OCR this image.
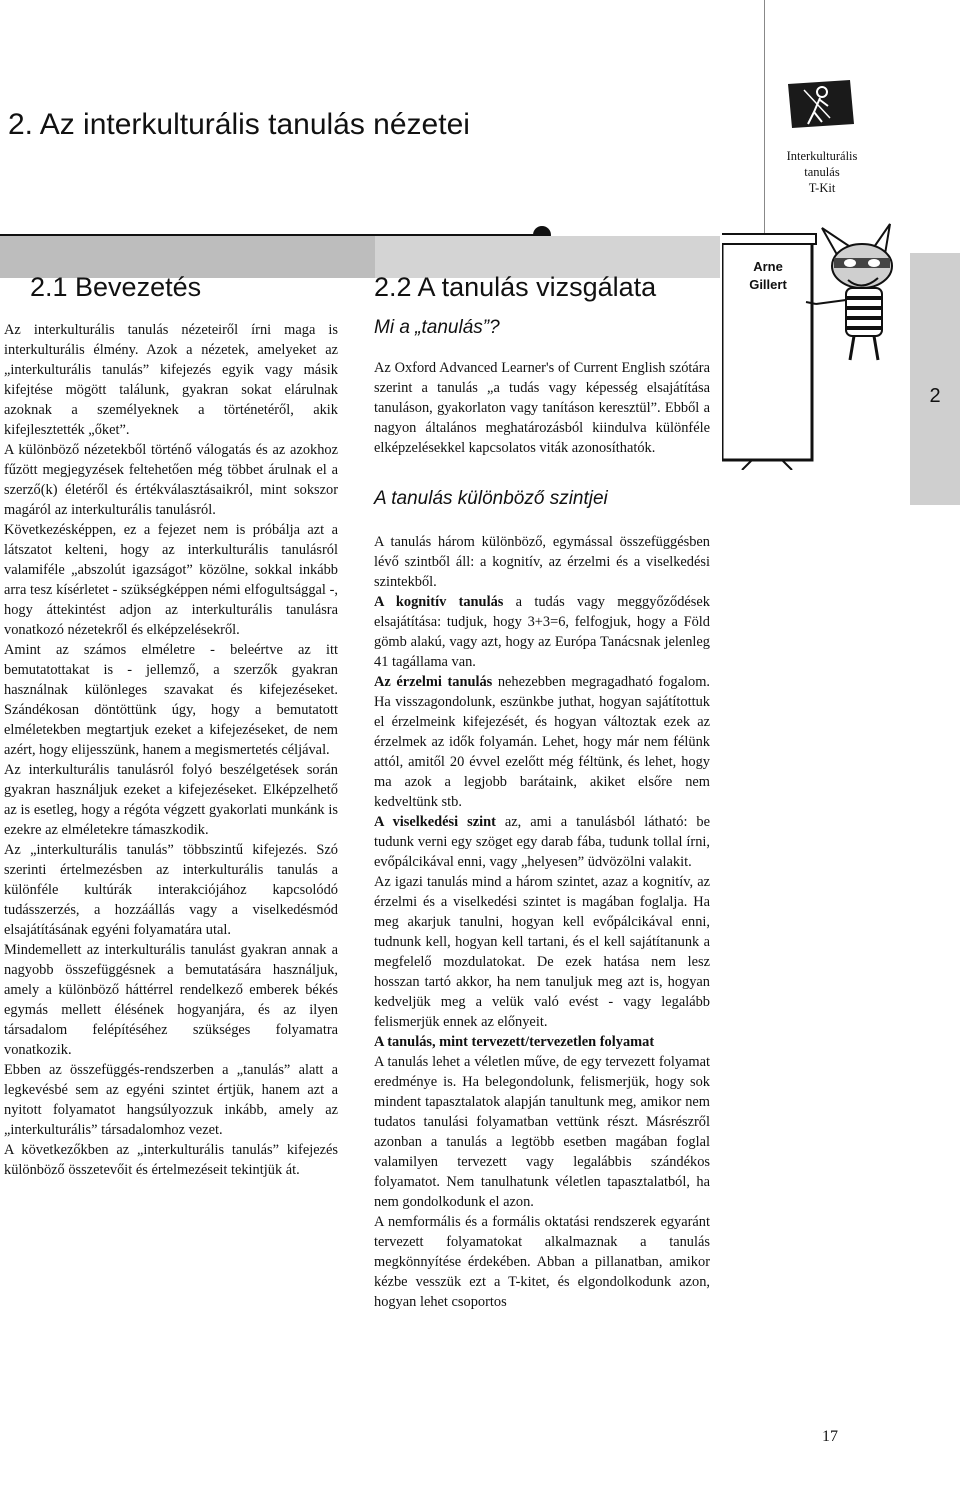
2. Az interkulturális tanulás nézetei
Interkulturális
tanulás
T-Kit
2
2.1 Bevezetés	2.2 A tanulás vizsgálata
Arne
Gillert

Az interkulturális tanulás nézeteiről írni maga is interkulturális élmény. Azok a nézetek, amelyeket az „interkulturális tanulás” kifejezés egyik vagy másik kifejtése mögött találunk, gyakran sokat elárulnak azoknak a személyeknek a történetéről, akik kifejlesztették „őket”.

A különböző nézetekből történő válogatás és az azokhoz fűzött megjegyzések feltehetően még többet árulnak el a szerző(k) életéről és értékválasztásaikról, mint sokszor magáról az interkulturális tanulásról.

Következésképpen, ez a fejezet nem is próbálja azt a látszatot kelteni, hogy az interkulturális tanulásról valamiféle „abszolút igazságot” közölne, sokkal inkább arra tesz kísérletet - szükségképpen némi elfogultsággal -, hogy áttekintést adjon az interkulturális tanulásra vonatkozó nézetekről és elképzelésekről.

Amint az számos elméletre - beleértve az itt bemutatottakat is - jellemző, a szerzők gyakran használnak különleges szavakat és kifejezéseket. Szándékosan döntöttünk úgy, hogy a bemutatott elméletekben megtartjuk ezeket a kifejezéseket, de nem azért, hogy elijesszünk, hanem a megismertetés céljával.

Az interkulturális tanulásról folyó beszélgetések során gyakran használjuk ezeket a kifejezéseket. Elképzelhető az is esetleg, hogy a régóta végzett gyakorlati munkánk is ezekre az elméletekre támaszkodik.

Az „interkulturális tanulás” többszintű kifejezés. Szó szerinti értelmezésben az interkulturális tanulás a különféle kultúrák interakciójához kapcsolódó tudásszerzés, a hozzáállás vagy a viselkedésmód elsajátításának egyéni folyamatára utal.

Mindemellett az interkulturális tanulást gyakran annak a nagyobb összefüggésnek a bemutatására használjuk, amely a különböző háttérrel rendelkező emberek békés egymás mellett élésének hogyanjára, és az ilyen társadalom felépítéséhez szükséges folyamatra vonatkozik.

Ebben az összefüggés-rendszerben a „tanulás” alatt a legkevésbé sem az egyéni szintet értjük, hanem azt a nyitott folyamatot hangsúlyozzuk inkább, amely az „interkulturális” társadalomhoz vezet.

A következőkben az „interkulturális tanulás” kifejezés különböző összetevőit és értelmezéseit tekintjük át.

Mi a „tanulás”?

Az Oxford Advanced Learner's of Current English szótára szerint a tanulás „a tudás vagy képesség elsajátítása tanuláson, gyakorlaton vagy tanításon keresztül”. Ebből a nagyon általános meghatározásból kiindulva különféle elképzelésekkel kapcsolatos viták azonosíthatók.

A tanulás különböző szintjei

A tanulás három különböző, egymással összefüggésben lévő szintből áll: a kognitív, az érzelmi és a viselkedési szintekből.

A kognitív tanulás a tudás vagy meggyőződések elsajátítása: tudjuk, hogy 3+3=6, felfogjuk, hogy a Föld gömb alakú, vagy azt, hogy az Európa Tanácsnak jelenleg 41 tagállama van.

Az érzelmi tanulás nehezebben megragadható fogalom. Ha visszagondolunk, eszünkbe juthat, hogyan sajátítottuk el érzelmeink kifejezését, és hogyan változtak ezek az érzelmek az idők folyamán. Lehet, hogy már nem félünk attól, amitől 20 évvel ezelőtt még féltünk, és lehet, hogy ma azok a legjobb barátaink, akiket elsőre nem kedveltünk stb.

A viselkedési szint az, ami a tanulásból látható: be tudunk verni egy szöget egy darab fába, tudunk tollal írni, evőpálcikával enni, vagy „helyesen” üdvözölni valakit.

Az igazi tanulás mind a három szintet, azaz a kognitív, az érzelmi és a viselkedési szintet is magában foglalja. Ha meg akarjuk tanulni, hogyan kell evőpálcikával enni, tudnunk kell, hogyan kell tartani, és el kell sajátítanunk a megfelelő mozdulatokat. De ezek hatása nem lesz hosszan tartó akkor, ha nem tanuljuk meg azt is, hogyan kedveljük meg a velük való evést - vagy legalább felismerjük ennek az előnyeit.

A tanulás, mint tervezett/tervezetlen folyamat

A tanulás lehet a véletlen műve, de egy tervezett folyamat eredménye is. Ha belegondolunk, felismerjük, hogy sok mindent tapasztalatok alapján tanultunk meg, amikor nem tudatos tanulási folyamatban vettünk részt. Másrészről azonban a tanulás a legtöbb esetben magában foglal valamilyen tervezett vagy legalábbis szándékos folyamatot. Nem tanulhatunk véletlen tapasztalatból, ha nem gondolkodunk el azon.

A nemformális és a formális oktatási rendszerek egyaránt tervezett folyamatokat alkalmaznak a tanulás megkönnyítése érdekében. Abban a pillanatban, amikor kézbe vesszük ezt a T-kitet, és elgondolkodunk azon, hogyan lehet csoportos

17
